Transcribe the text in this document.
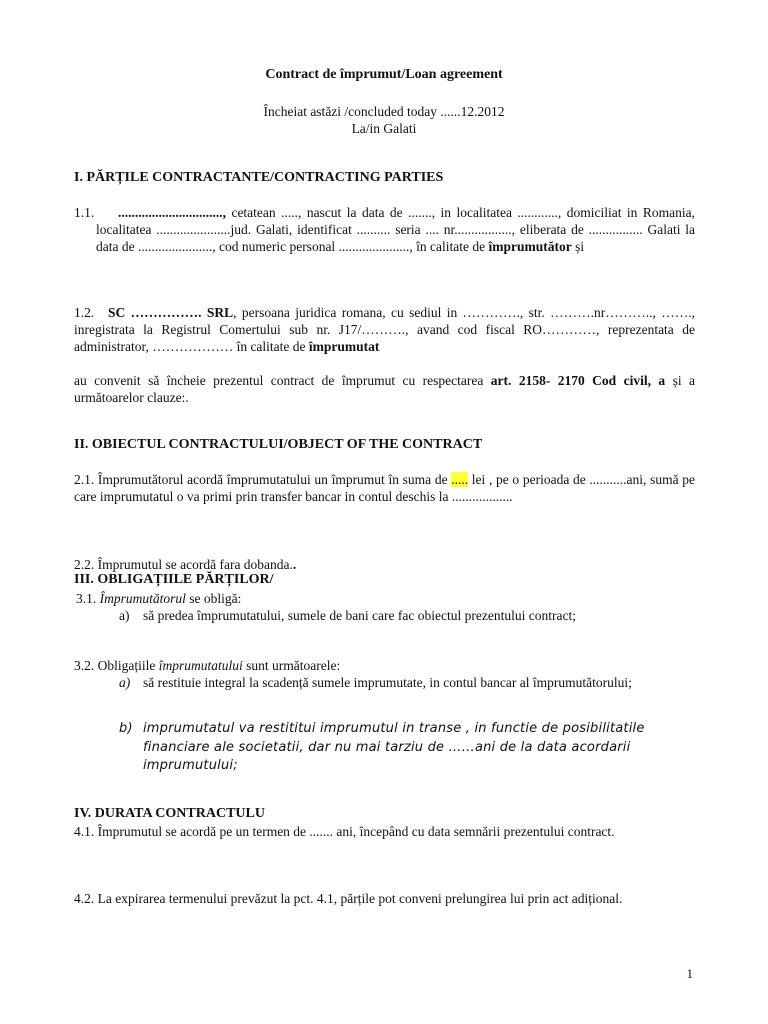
Contract de împrumut/Loan agreement
Încheiat astăzi /concluded today ......12.2012
La/in Galati
I. PĂRȚILE CONTRACTANTE/CONTRACTING PARTIES
1.1.	..............................., cetatean ....., nascut la data de ......., in localitatea ............, domiciliat in Romania, localitatea ......................jud. Galati, identificat .......... seria .... nr................., eliberata de ................ Galati la data de ......................, cod numeric personal ....................., în calitate de împrumutător și
1.2.	SC ……………. SRL, persoana juridica romana, cu sediul in …………., str. ……….nr……….., ……., inregistrata la Registrul Comertului sub nr. J17/………., avand cod fiscal RO…………, reprezentata de administrator, ……………… în calitate de împrumutat
au convenit să încheie prezentul contract de împrumut cu respectarea art. 2158- 2170 Cod civil, a și a următoarelor clauze:.
II. OBIECTUL CONTRACTULUI/OBJECT OF THE CONTRACT
2.1. Împrumutătorul acordă împrumutatului un împrumut în suma de ..... lei , pe o perioada de ...........ani, sumă pe care imprumutatul o va primi prin transfer bancar in contul deschis la ..................
2.2. Împrumutul se acordă fara dobanda..
III. OBLIGAȚIILE PĂRȚILOR/
3.1. Împrumutătorul se obligă:
a)	să predea împrumutatului, sumele de bani care fac obiectul prezentului contract;
3.2. Obligațiile împrumutatului sunt următoarele:
a) să restituie integral la scadență sumele imprumutate, in contul bancar al împrumutătorului;
b) imprumutatul va restititui imprumutul in transe , in functie de posibilitatile financiare ale societatii, dar nu mai tarziu de ……ani de la data acordarii imprumutului;
IV. DURATA CONTRACTULU
4.1. Împrumutul se acordă pe un termen de ....... ani, începând cu data semnării prezentului contract.
4.2. La expirarea termenului prevăzut la pct. 4.1, părțile pot conveni prelungirea lui prin act adițional.
1
